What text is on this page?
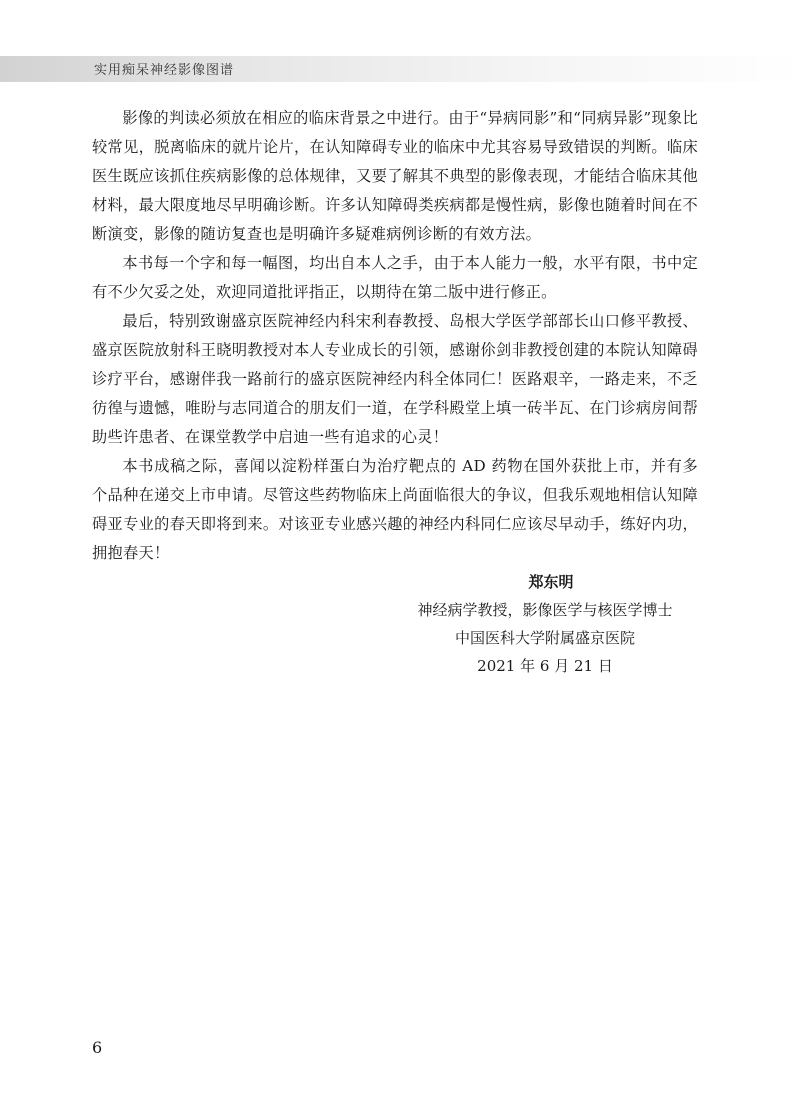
实用痴呆神经影像图谱

影像的判读必须放在相应的临床背景之中进行。由于“异病同影”和“同病异影”现象比较常见，脱离临床的就片论片，在认知障碍专业的临床中尤其容易导致错误的判断。临床医生既应该抓住疾病影像的总体规律，又要了解其不典型的影像表现，才能结合临床其他材料，最大限度地尽早明确诊断。许多认知障碍类疾病都是慢性病，影像也随着时间在不断演变，影像的随访复查也是明确许多疑难病例诊断的有效方法。

本书每一个字和每一幅图，均出自本人之手，由于本人能力一般，水平有限，书中定有不少欠妥之处，欢迎同道批评指正，以期待在第二版中进行修正。

最后，特别致谢盛京医院神经内科宋利春教授、岛根大学医学部部长山口修平教授、盛京医院放射科王晓明教授对本人专业成长的引领，感谢伱剑非教授创建的本院认知障碍诊疗平台，感谢伴我一路前行的盛京医院神经内科全体同仁！医路艰辛，一路走来，不乏彷徨与遗憾，唯盼与志同道合的朋友们一道，在学科殿堂上填一砖半瓦、在门诊病房间帮助些许患者、在课堂教学中启迪一些有追求的心灵！

本书成稿之际，喜闻以淀粉样蛋白为治疗靶点的 AD 药物在国外获批上市，并有多个品种在递交上市申请。尽管这些药物临床上尚面临很大的争议，但我乐观地相信认知障碍亚专业的春天即将到来。对该亚专业感兴趣的神经内科同仁应该尽早动手，练好内功，拥抱春天！

郑东明
神经病学教授，影像医学与核医学博士
中国医科大学附属盛京医院
2021 年 6 月 21 日
6
